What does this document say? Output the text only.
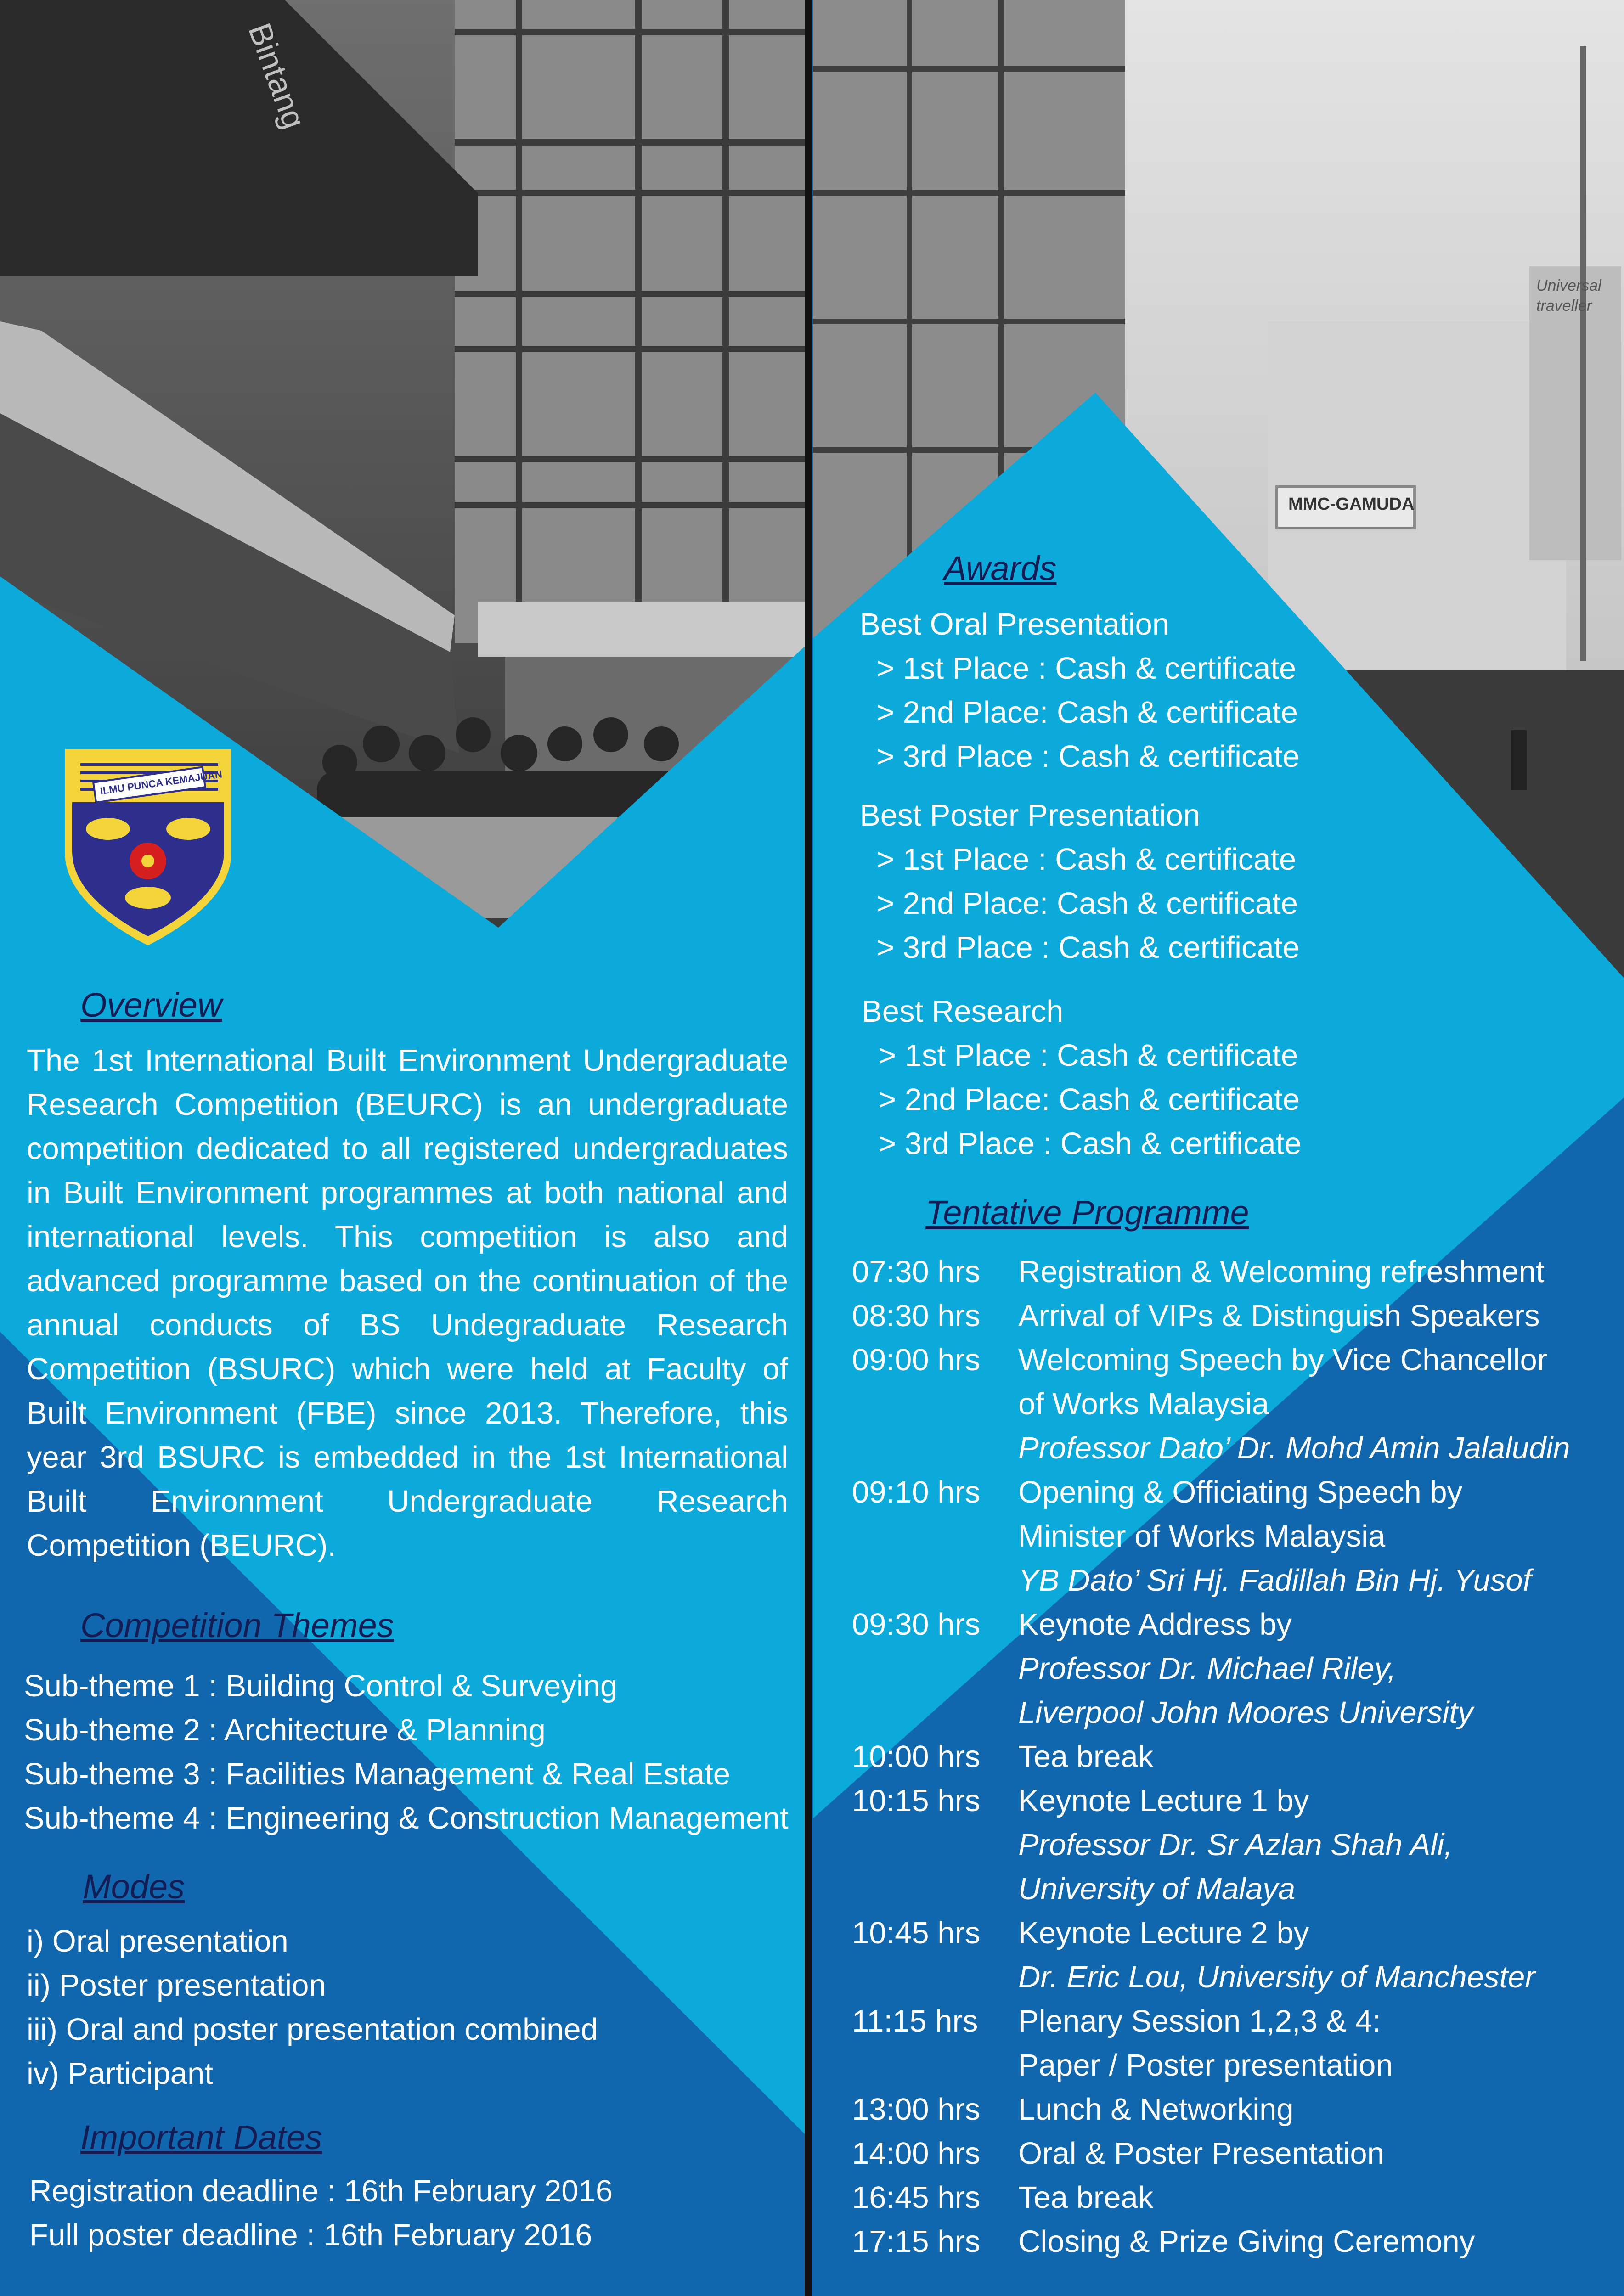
Bintang
MMC-GAMUDA
Universal traveller
ILMU PUNCA KEMAJUAN
Overview
The 1st International Built Environment Undergraduate Research Competition (BEURC) is an undergraduate competition dedicated to all registered undergraduates in Built Environment programmes at both national and international levels. This competition is also and advanced programme based on the continuation of the annual conducts of BS Undegraduate Research Competition (BSURC) which were held at Faculty of Built Environment (FBE) since 2013. Therefore, this year 3rd BSURC is embedded in the 1st International Built Environment Undergraduate Research Competition (BEURC).
Competition Themes
Sub-theme 1 : Building Control & Surveying
Sub-theme 2 : Architecture & Planning
Sub-theme 3 : Facilities Management & Real Estate
Sub-theme 4 : Engineering & Construction Management
Modes
i) Oral presentation
ii) Poster presentation
iii) Oral and poster presentation combined
iv) Participant
Important Dates
Registration deadline : 16th February 2016
Full poster deadline : 16th February 2016
Awards
Best Oral Presentation
> 1st Place : Cash & certificate
> 2nd Place: Cash & certificate
> 3rd Place : Cash & certificate
Best Poster Presentation
> 1st Place : Cash & certificate
> 2nd Place: Cash & certificate
> 3rd Place : Cash & certificate
Best Research
> 1st Place : Cash & certificate
> 2nd Place: Cash & certificate
> 3rd Place : Cash & certificate
Tentative Programme
07:30 hrs	Registration & Welcoming refreshment
08:30 hrs	Arrival of VIPs & Distinguish Speakers
09:00 hrs	Welcoming Speech by Vice Chancellor
of Works Malaysia
Professor Dato’ Dr. Mohd Amin Jalaludin
09:10 hrs	Opening & Officiating Speech by
Minister of Works Malaysia
YB Dato’ Sri Hj. Fadillah Bin Hj. Yusof
09:30 hrs	Keynote Address by
Professor Dr. Michael Riley,
Liverpool John Moores University
10:00 hrs	Tea break
10:15 hrs	Keynote Lecture 1 by
Professor Dr. Sr Azlan Shah Ali,
University of Malaya
10:45 hrs	Keynote Lecture 2 by
Dr. Eric Lou, University of Manchester
11:15 hrs	Plenary Session 1,2,3 & 4:
Paper / Poster presentation
13:00 hrs	Lunch & Networking
14:00 hrs	Oral & Poster Presentation
16:45 hrs	Tea break
17:15 hrs	Closing & Prize Giving Ceremony
